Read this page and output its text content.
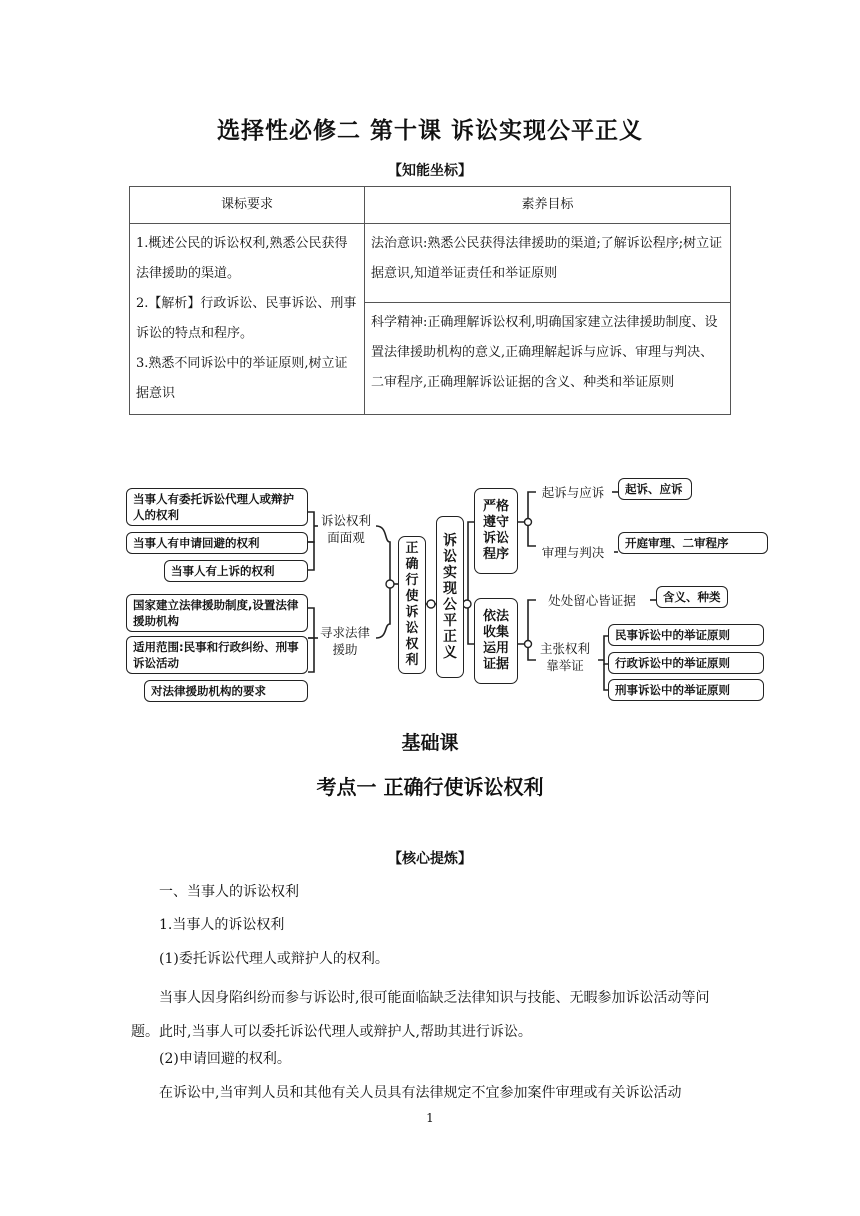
选择性必修二 第十课 诉讼实现公平正义
【知能坐标】
课标要求	素养目标

1.概述公民的诉讼权利,熟悉公民获得法律援助的渠道。
2.【解析】行政诉讼、民事诉讼、刑事诉讼的特点和程序。
3.熟悉不同诉讼中的举证原则,树立证据意识	法治意识:熟悉公民获得法律援助的渠道;了解诉讼程序;树立证据意识,知道举证责任和举证原则
	科学精神:正确理解诉讼权利,明确国家建立法律援助制度、设置法律援助机构的意义,正确理解起诉与应诉、审理与判决、二审程序,正确理解诉讼证据的含义、种类和举证原则
当事人有委托诉讼代理人或辩护人的权利
当事人有申请回避的权利
当事人有上诉的权利
国家建立法律援助制度,设置法律援助机构
适用范围:民事和行政纠纷、刑事诉讼活动
对法律援助机构的要求
诉讼权利面面观
寻求法律援助
正确行使诉讼权利
诉讼实现公平正义
严格遵守诉讼程序
依法收集运用证据
起诉与应诉
审理与判决
处处留心皆证据
主张权利靠举证
起诉、应诉
开庭审理、二审程序
含义、种类
民事诉讼中的举证原则
行政诉讼中的举证原则
刑事诉讼中的举证原则
基础课
考点一 正确行使诉讼权利
【核心提炼】
一、当事人的诉讼权利
1.当事人的诉讼权利
(1)委托诉讼代理人或辩护人的权利。
当事人因身陷纠纷而参与诉讼时,很可能面临缺乏法律知识与技能、无暇参加诉讼活动等问题。此时,当事人可以委托诉讼代理人或辩护人,帮助其进行诉讼。
(2)申请回避的权利。
在诉讼中,当审判人员和其他有关人员具有法律规定不宜参加案件审理或有关诉讼活动
1
